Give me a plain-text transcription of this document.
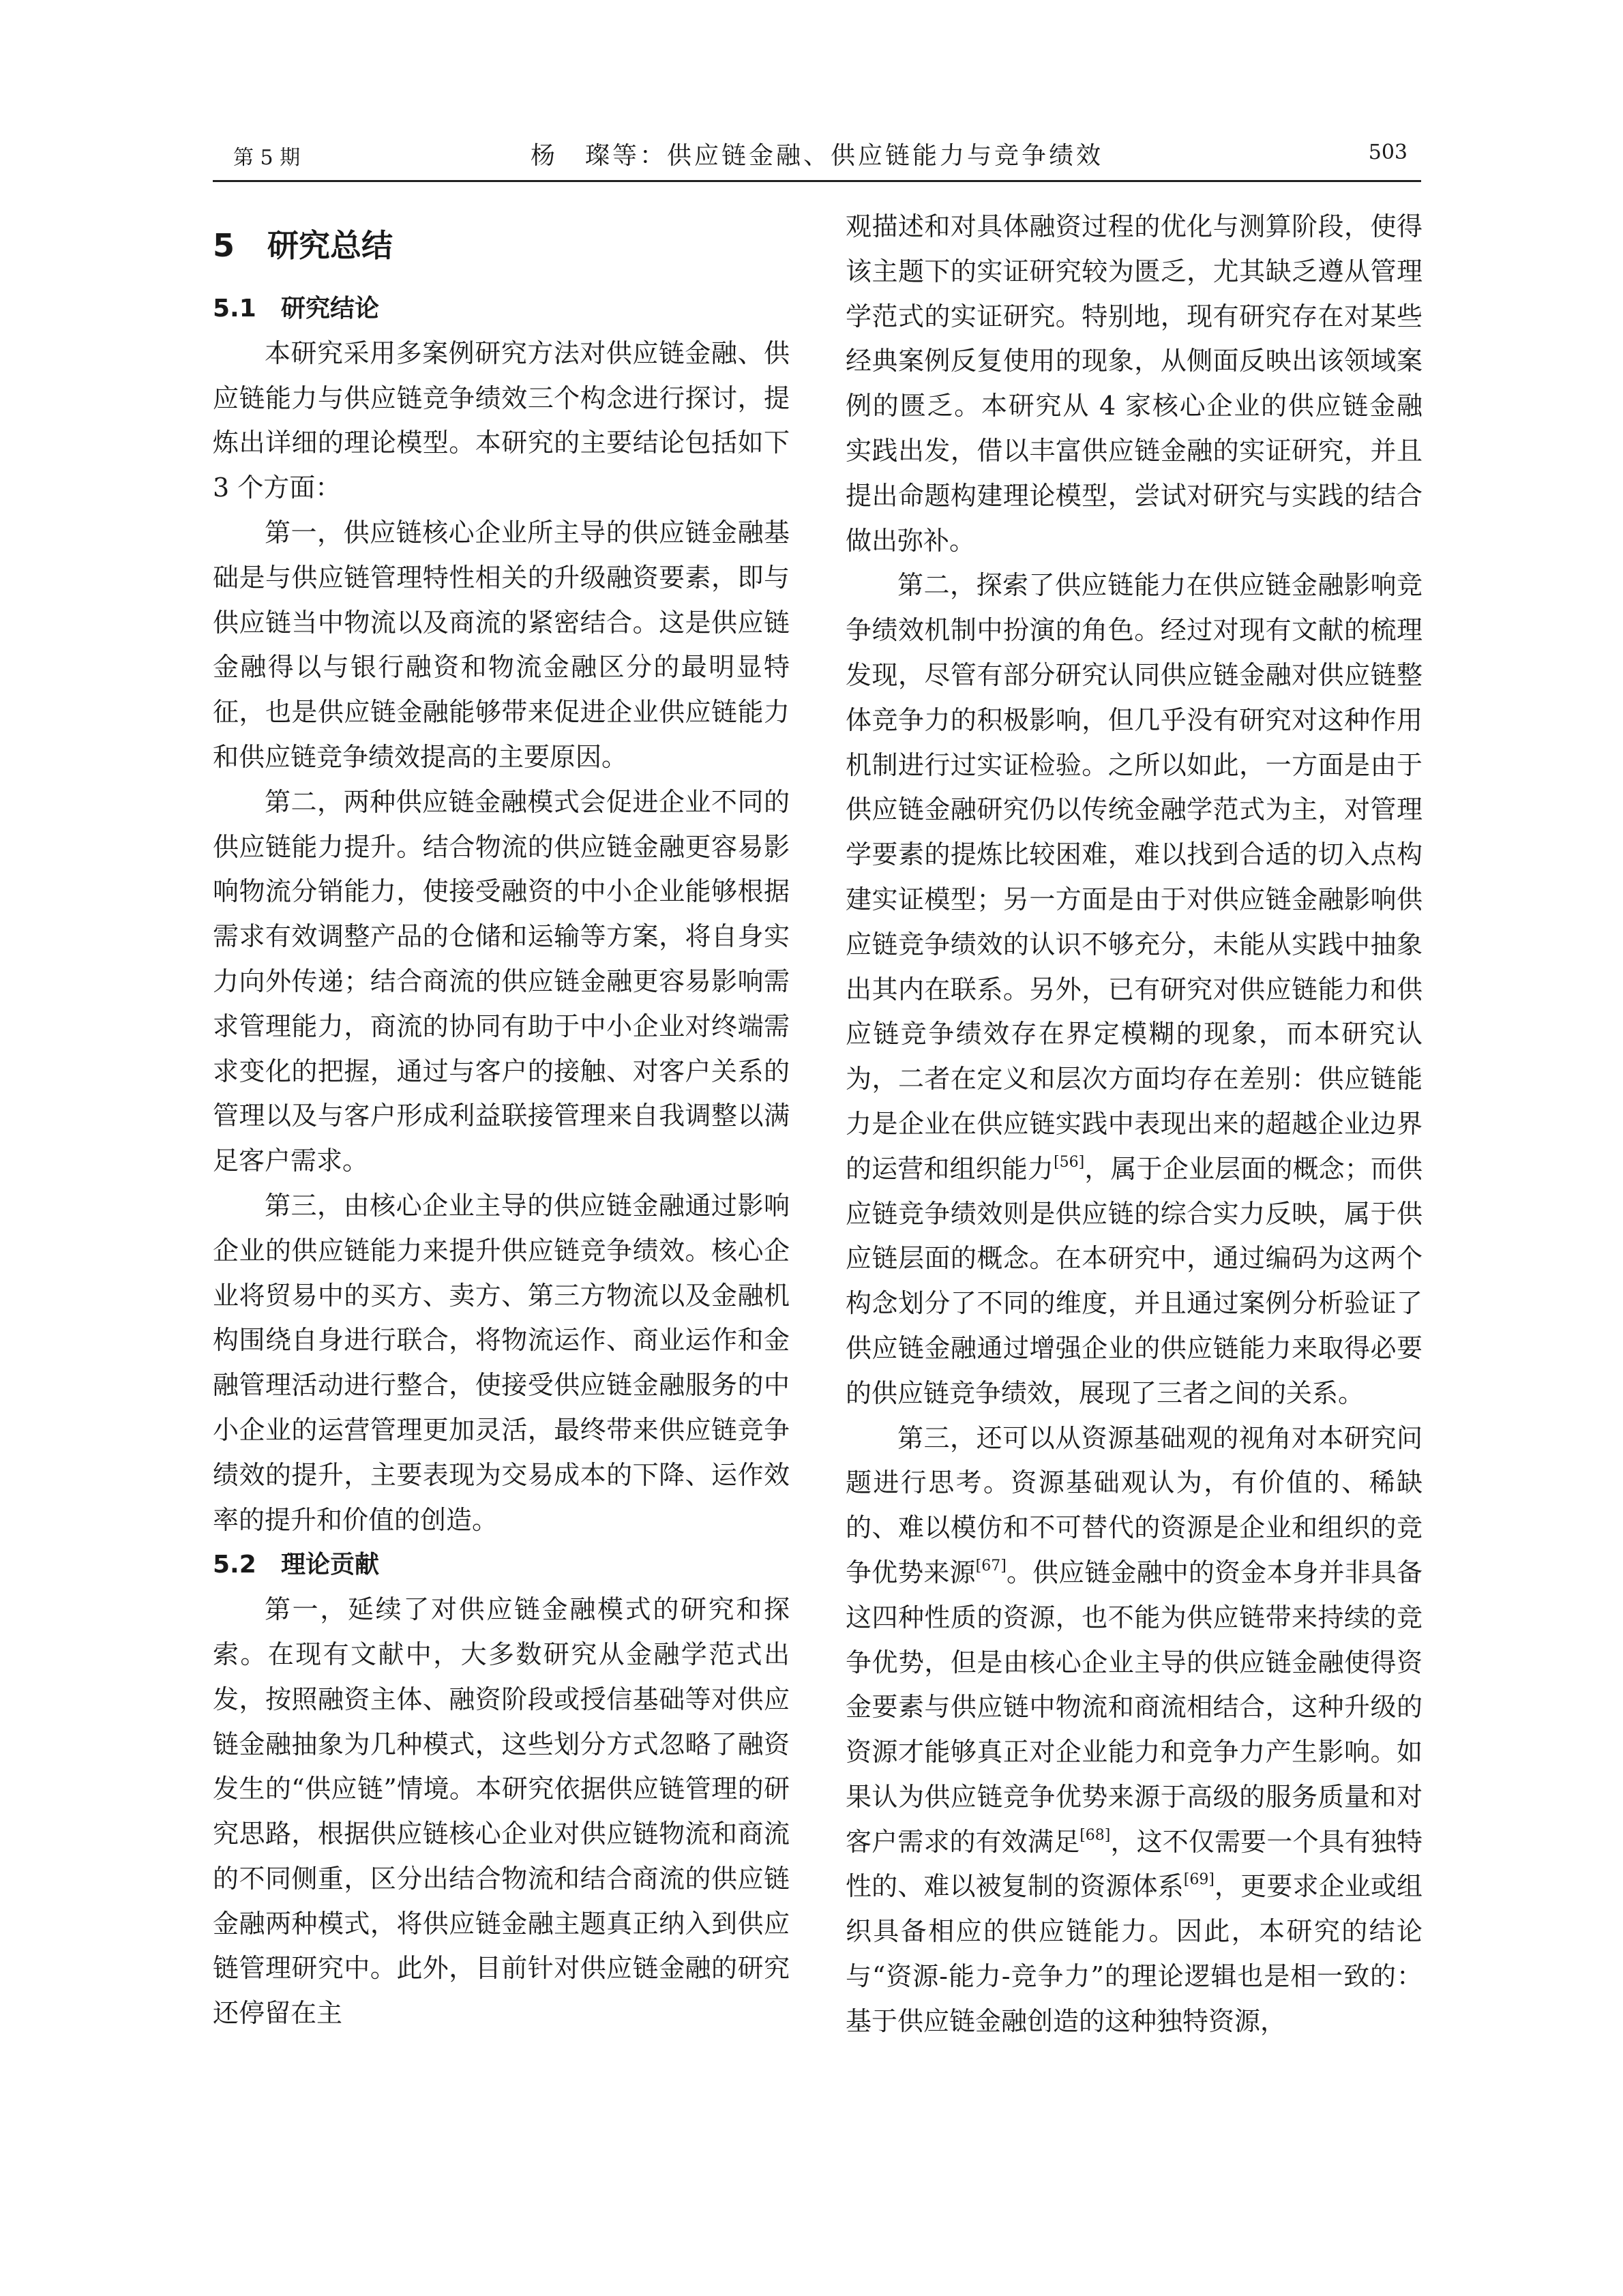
第 5 期	杨　璨等：供应链金融、供应链能力与竞争绩效	503
5 研究总结
5.1 研究结论

本研究采用多案例研究方法对供应链金融、供应链能力与供应链竞争绩效三个构念进行探讨，提炼出详细的理论模型。本研究的主要结论包括如下 3 个方面：

第一，供应链核心企业所主导的供应链金融基础是与供应链管理特性相关的升级融资要素，即与供应链当中物流以及商流的紧密结合。这是供应链金融得以与银行融资和物流金融区分的最明显特征，也是供应链金融能够带来促进企业供应链能力和供应链竞争绩效提高的主要原因。

第二，两种供应链金融模式会促进企业不同的供应链能力提升。结合物流的供应链金融更容易影响物流分销能力，使接受融资的中小企业能够根据需求有效调整产品的仓储和运输等方案，将自身实力向外传递；结合商流的供应链金融更容易影响需求管理能力，商流的协同有助于中小企业对终端需求变化的把握，通过与客户的接触、对客户关系的管理以及与客户形成利益联接管理来自我调整以满足客户需求。

第三，由核心企业主导的供应链金融通过影响企业的供应链能力来提升供应链竞争绩效。核心企业将贸易中的买方、卖方、第三方物流以及金融机构围绕自身进行联合，将物流运作、商业运作和金融管理活动进行整合，使接受供应链金融服务的中小企业的运营管理更加灵活，最终带来供应链竞争绩效的提升，主要表现为交易成本的下降、运作效率的提升和价值的创造。

5.2 理论贡献

第一，延续了对供应链金融模式的研究和探索。在现有文献中，大多数研究从金融学范式出发，按照融资主体、融资阶段或授信基础等对供应链金融抽象为几种模式，这些划分方式忽略了融资发生的“供应链”情境。本研究依据供应链管理的研究思路，根据供应链核心企业对供应链物流和商流的不同侧重，区分出结合物流和结合商流的供应链金融两种模式，将供应链金融主题真正纳入到供应链管理研究中。此外，目前针对供应链金融的研究还停留在主

观描述和对具体融资过程的优化与测算阶段，使得该主题下的实证研究较为匮乏，尤其缺乏遵从管理学范式的实证研究。特别地，现有研究存在对某些经典案例反复使用的现象，从侧面反映出该领域案例的匮乏。本研究从 4 家核心企业的供应链金融实践出发，借以丰富供应链金融的实证研究，并且提出命题构建理论模型，尝试对研究与实践的结合做出弥补。

第二，探索了供应链能力在供应链金融影响竞争绩效机制中扮演的角色。经过对现有文献的梳理发现，尽管有部分研究认同供应链金融对供应链整体竞争力的积极影响，但几乎没有研究对这种作用机制进行过实证检验。之所以如此，一方面是由于供应链金融研究仍以传统金融学范式为主，对管理学要素的提炼比较困难，难以找到合适的切入点构建实证模型；另一方面是由于对供应链金融影响供应链竞争绩效的认识不够充分，未能从实践中抽象出其内在联系。另外，已有研究对供应链能力和供应链竞争绩效存在界定模糊的现象，而本研究认为，二者在定义和层次方面均存在差别：供应链能力是企业在供应链实践中表现出来的超越企业边界的运营和组织能力[56]，属于企业层面的概念；而供应链竞争绩效则是供应链的综合实力反映，属于供应链层面的概念。在本研究中，通过编码为这两个构念划分了不同的维度，并且通过案例分析验证了供应链金融通过增强企业的供应链能力来取得必要的供应链竞争绩效，展现了三者之间的关系。

第三，还可以从资源基础观的视角对本研究问题进行思考。资源基础观认为，有价值的、稀缺的、难以模仿和不可替代的资源是企业和组织的竞争优势来源[67]。供应链金融中的资金本身并非具备这四种性质的资源，也不能为供应链带来持续的竞争优势，但是由核心企业主导的供应链金融使得资金要素与供应链中物流和商流相结合，这种升级的资源才能够真正对企业能力和竞争力产生影响。如果认为供应链竞争优势来源于高级的服务质量和对客户需求的有效满足[68]，这不仅需要一个具有独特性的、难以被复制的资源体系[69]，更要求企业或组织具备相应的供应链能力。因此，本研究的结论与“资源-能力-竞争力”的理论逻辑也是相一致的：基于供应链金融创造的这种独特资源，
